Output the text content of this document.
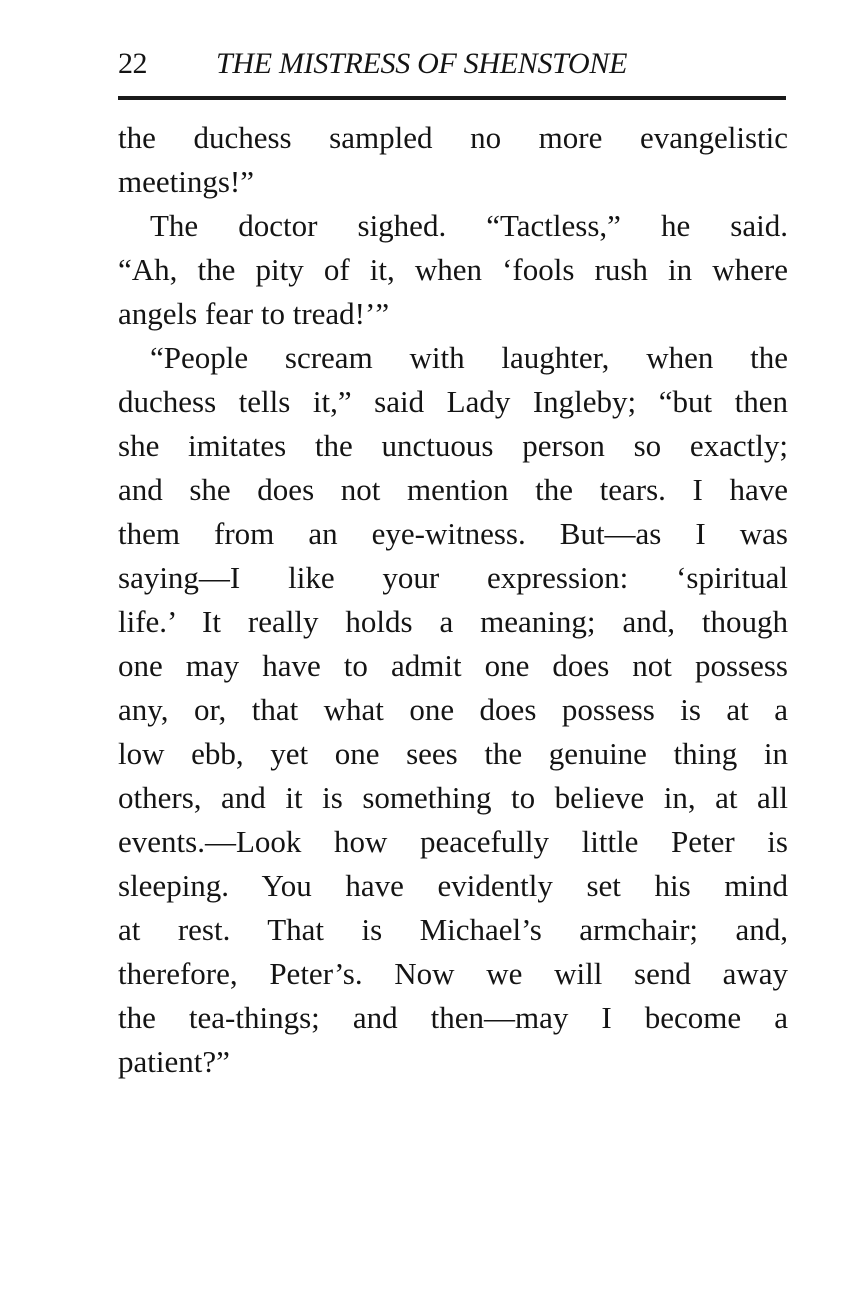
22 THE MISTRESS OF SHENSTONE
the duchess sampled no more evangelistic
meetings!”
The doctor sighed. “Tactless,” he said.
“Ah, the pity of it, when ‘fools rush in where
angels fear to tread!’”
“People scream with laughter, when the
duchess tells it,” said Lady Ingleby; “but then
she imitates the unctuous person so exactly;
and she does not mention the tears. I have
them from an eye-witness. But—as I was
saying—I like your expression: ‘spiritual
life.’ It really holds a meaning; and, though
one may have to admit one does not possess
any, or, that what one does possess is at a
low ebb, yet one sees the genuine thing in
others, and it is something to believe in, at all
events.—Look how peacefully little Peter is
sleeping. You have evidently set his mind
at rest. That is Michael’s armchair; and,
therefore, Peter’s. Now we will send away
the tea-things; and then—may I become a
patient?”
